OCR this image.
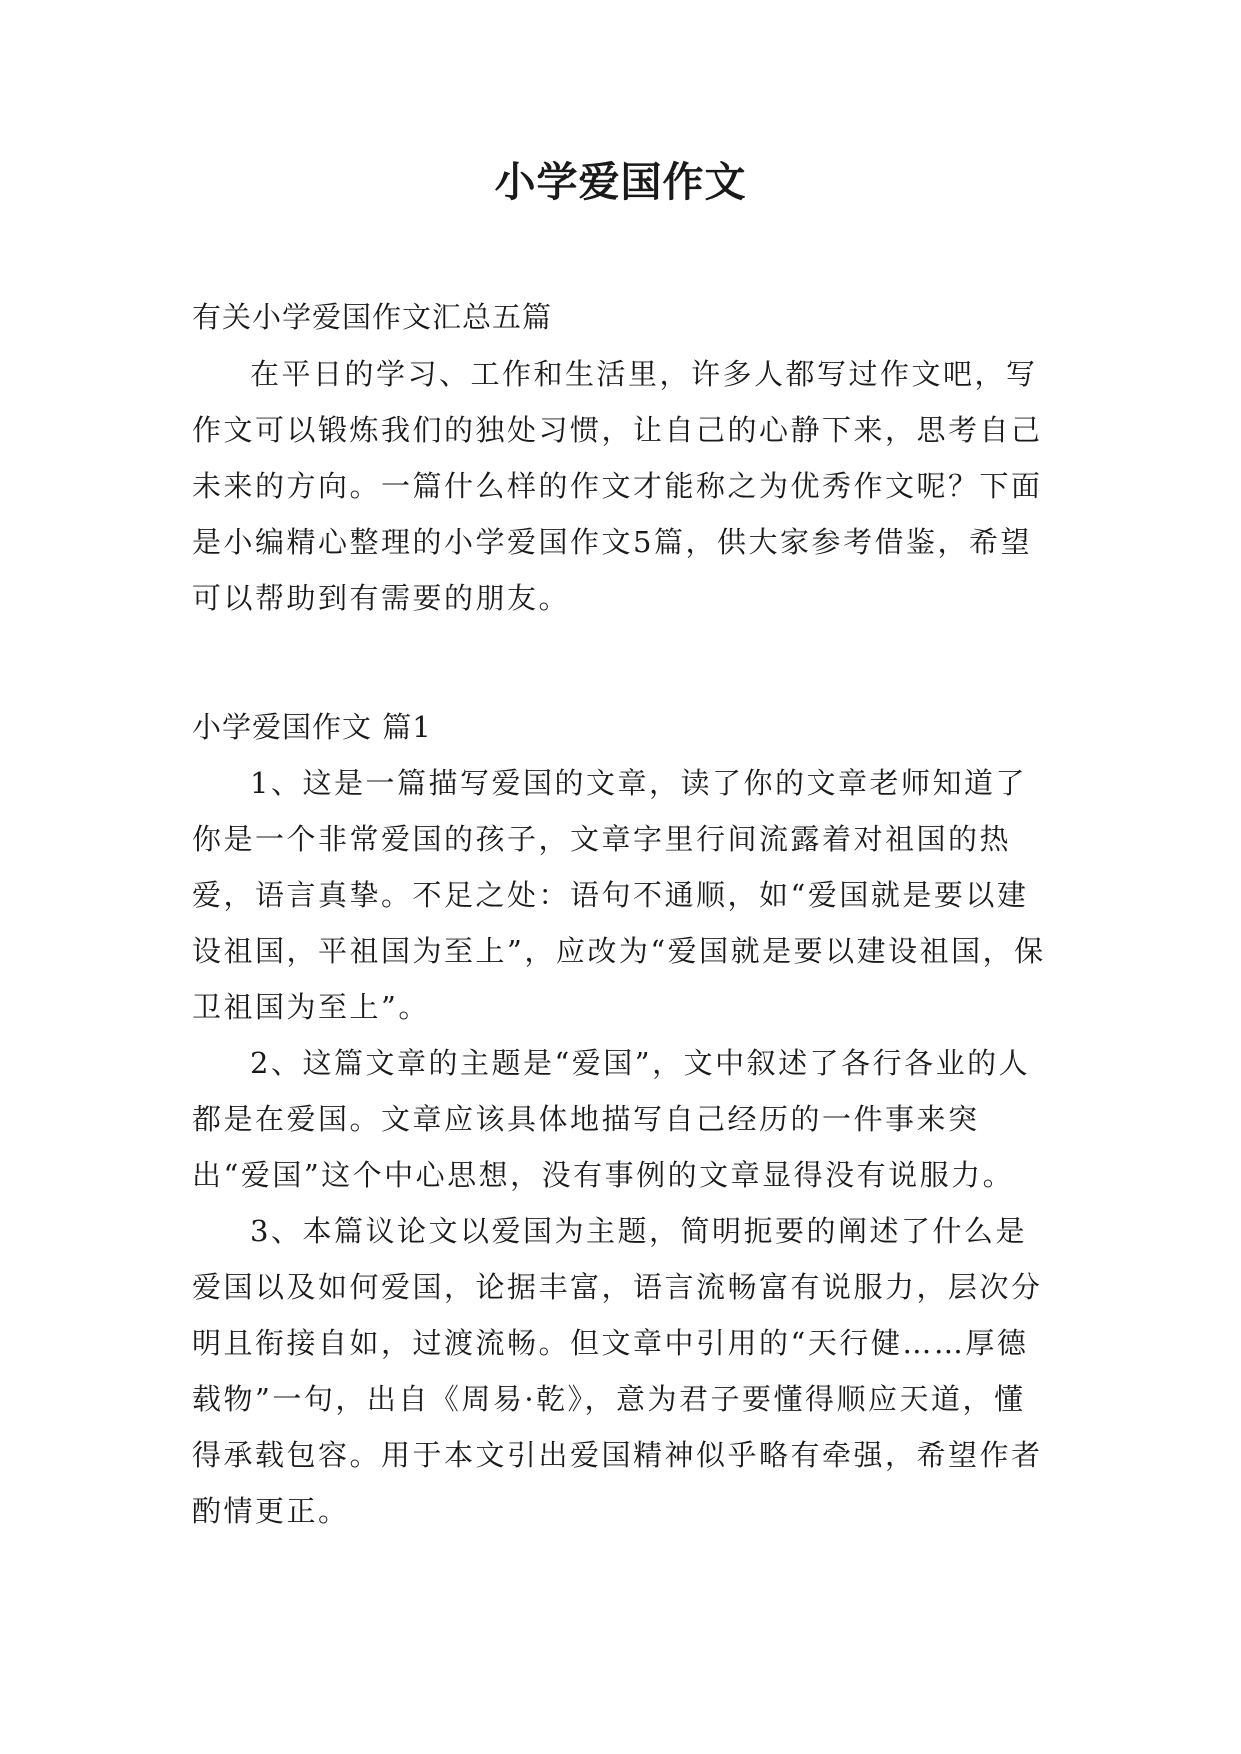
小学爱国作文
有关小学爱国作文汇总五篇

在平日的学习、工作和生活里，许多人都写过作文吧，写作文可以锻炼我们的独处习惯，让自己的心静下来，思考自己未来的方向。一篇什么样的作文才能称之为优秀作文呢？下面是小编精心整理的小学爱国作文5篇，供大家参考借鉴，希望可以帮助到有需要的朋友。

小学爱国作文 篇1

1、这是一篇描写爱国的文章，读了你的文章老师知道了你是一个非常爱国的孩子，文章字里行间流露着对祖国的热爱，语言真挚。不足之处：语句不通顺，如“爱国就是要以建设祖国，平祖国为至上”，应改为“爱国就是要以建设祖国，保卫祖国为至上”。

2、这篇文章的主题是“爱国”，文中叙述了各行各业的人都是在爱国。文章应该具体地描写自己经历的一件事来突出“爱国”这个中心思想，没有事例的文章显得没有说服力。

3、本篇议论文以爱国为主题，简明扼要的阐述了什么是爱国以及如何爱国，论据丰富，语言流畅富有说服力，层次分明且衔接自如，过渡流畅。但文章中引用的“天行健……厚德载物”一句，出自《周易·乾》，意为君子要懂得顺应天道，懂得承载包容。用于本文引出爱国精神似乎略有牵强，希望作者酌情更正。
